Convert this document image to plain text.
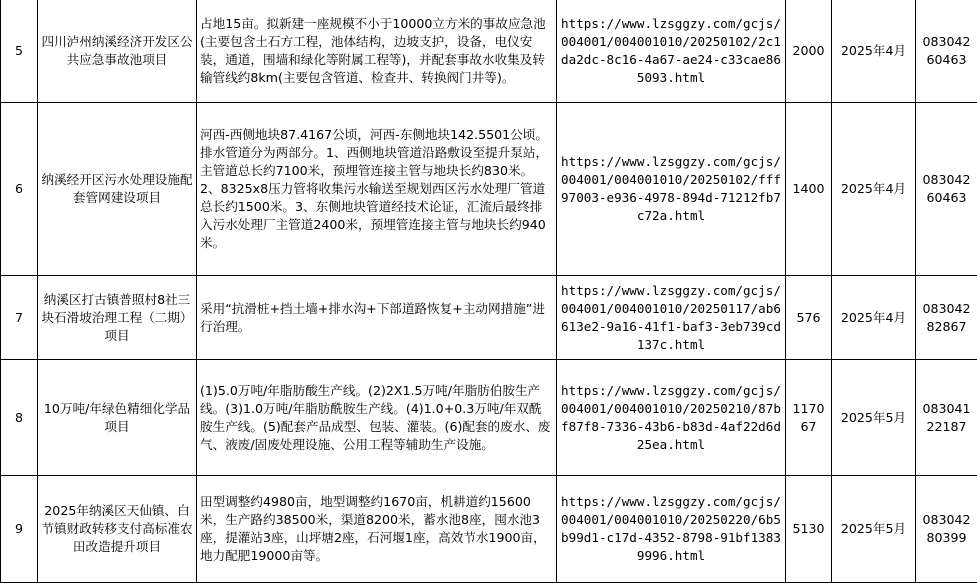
5	四川泸州纳溪经济开发区公共应急事故池项目	占地15亩。拟新建一座规模不小于10000立方米的事故应急池(主要包含土石方工程，池体结构，边坡支护，设备，电仪安装，通道，围墙和绿化等附属工程等)，并配套事故水收集及转输管线约8km(主要包含管道、检查井、转换阀门井等)。	https://www.lzsggzy.com/gcjs/004001/004001010/20250102/2c1da2dc-8c16-4a67-ae24-c33cae865093.html	2000	2025年4月	08304260463
6	纳溪经开区污水处理设施配套管网建设项目	河西-西侧地块87.4167公顷，河西-东侧地块142.5501公顷。排水管道分为两部分。1、西侧地块管道沿路敷设至提升泵站，主管道总长约7100米，预埋管连接主管与地块长约830米。2、8325x8压力管将收集污水输送至规划西区污水处理厂管道总长约1500米。3、东侧地块管道经技术论证，汇流后最终排入污水处理厂主管道2400米，预埋管连接主管与地块长约940米。	https://www.lzsggzy.com/gcjs/004001/004001010/20250102/fff97003-e936-4978-894d-71212fb7c72a.html	1400	2025年4月	08304260463
7	纳溪区打古镇普照村8社三块石滑坡治理工程（二期）项目	采用“抗滑桩+挡土墙+排水沟+下部道路恢复+主动网措施”进行治理。	https://www.lzsggzy.com/gcjs/004001/004001010/20250117/ab6613e2-9a16-41f1-baf3-3eb739cd137c.html	576	2025年4月	08304282867
8	10万吨/年绿色精细化学品项目	(1)5.0万吨/年脂肪酸生产线。(2)2X1.5万吨/年脂肪伯胺生产线。(3)1.0万吨/年脂肪酰胺生产线。(4)1.0+0.3万吨/年双酰胺生产线。(5)配套产品成型、包装、灌装。(6)配套的废水、废气、液废/固废处理设施、公用工程等辅助生产设施。	https://www.lzsggzy.com/gcjs/004001/004001010/20250210/87bf87f8-7336-43b6-b83d-4af22d6d25ea.html	117067	2025年5月	08304122187
9	2025年纳溪区天仙镇、白节镇财政转移支付高标准农田改造提升项目	田型调整约4980亩，地型调整约1670亩，机耕道约15600米，生产路约38500米，渠道8200米，蓄水池8座，囤水池3座，提灌站3座，山坪塘2座，石河堰1座，高效节水1900亩，地力配肥19000亩等。	https://www.lzsggzy.com/gcjs/004001/004001010/20250220/6b5b99d1-c17d-4352-8798-91bf13839996.html	5130	2025年5月	08304280399
